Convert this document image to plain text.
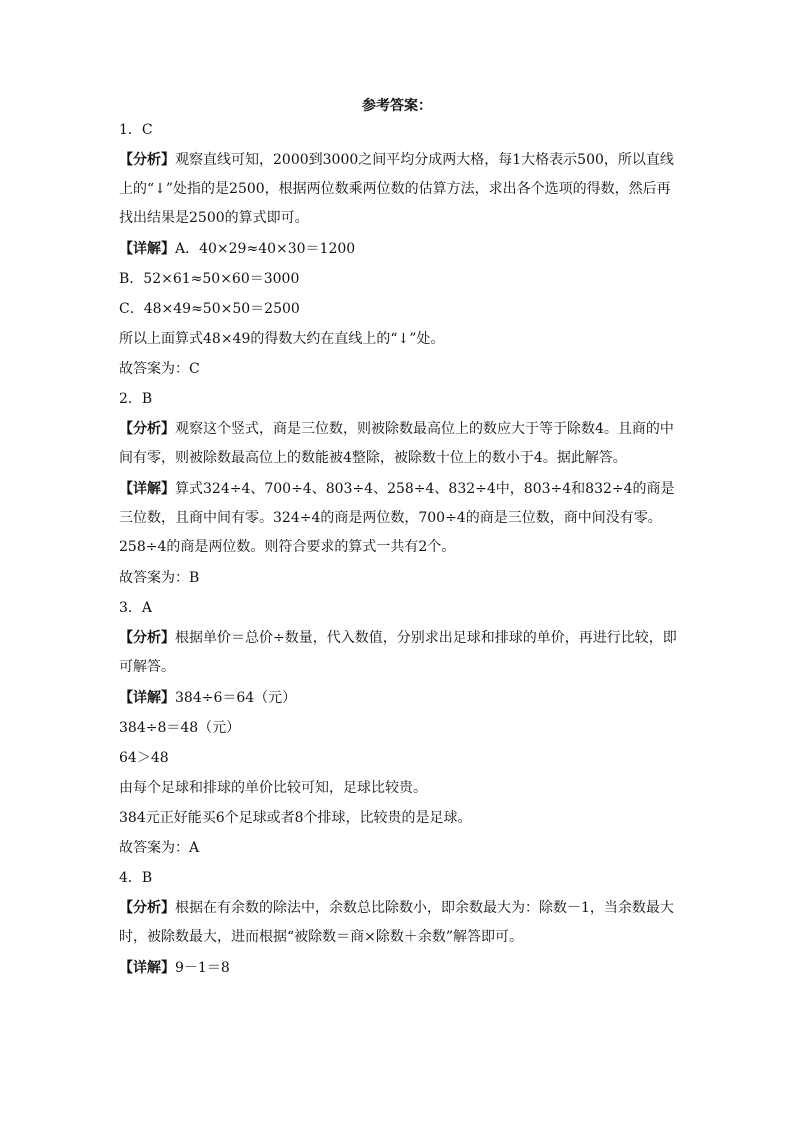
参考答案：

1．C

【分析】观察直线可知，2000到3000之间平均分成两大格，每1大格表示500，所以直线上的“↓”处指的是2500，根据两位数乘两位数的估算方法，求出各个选项的得数，然后再找出结果是2500的算式即可。

【详解】A．40×29≈40×30＝1200

B．52×61≈50×60＝3000

C．48×49≈50×50＝2500

所以上面算式48×49的得数大约在直线上的“↓”处。

故答案为：C

2．B

【分析】观察这个竖式，商是三位数，则被除数最高位上的数应大于等于除数4。且商的中间有零，则被除数最高位上的数能被4整除，被除数十位上的数小于4。据此解答。

【详解】算式324÷4、700÷4、803÷4、258÷4、832÷4中，803÷4和832÷4的商是三位数，且商中间有零。324÷4的商是两位数，700÷4的商是三位数，商中间没有零。258÷4的商是两位数。则符合要求的算式一共有2个。

故答案为：B

3．A

【分析】根据单价＝总价÷数量，代入数值，分别求出足球和排球的单价，再进行比较，即可解答。

【详解】384÷6＝64（元）

384÷8＝48（元）

64＞48

由每个足球和排球的单价比较可知，足球比较贵。

384元正好能买6个足球或者8个排球，比较贵的是足球。

故答案为：A

4．B

【分析】根据在有余数的除法中，余数总比除数小，即余数最大为：除数－1，当余数最大时，被除数最大，进而根据“被除数＝商×除数＋余数”解答即可。

【详解】9－1＝8
